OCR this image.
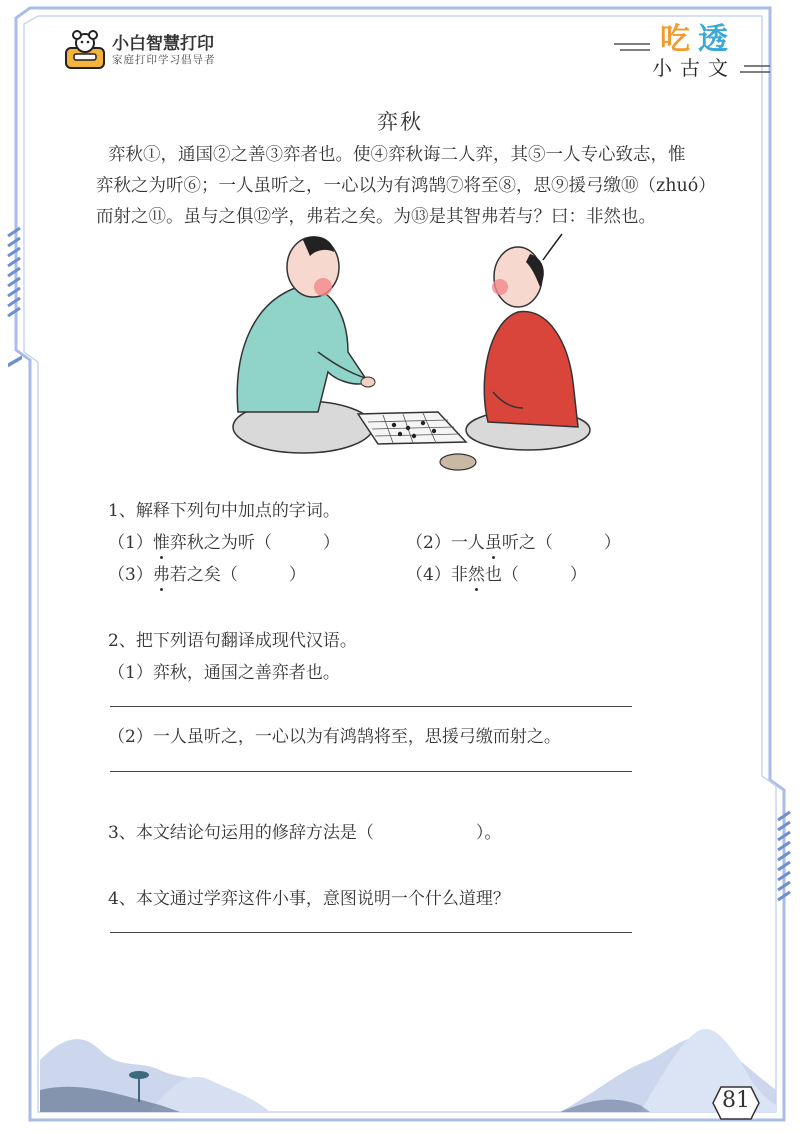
小白智慧打印
家庭打印学习倡导者
吃 透
小古文
弈秋

弈秋①，通国②之善③弈者也。使④弈秋诲二人弈，其⑤一人专心致志，惟

弈秋之为听⑥；一人虽听之，一心以为有鸿鹄⑦将至⑧，思⑨援弓缴⑩（zhuó）

而射之⑪。虽与之俱⑫学，弗若之矣。为⑬是其智弗若与？曰：非然也。

1、解释下列句中加点的字词。
（1）惟弈秋之为听（　　　）	（2）一人虽听之（　　　）
（3）弗若之矣（　　　）	（4）非然也（　　　）
2、把下列语句翻译成现代汉语。
（1）弈秋，通国之善弈者也。
（2）一人虽听之，一心以为有鸿鹄将至，思援弓缴而射之。
3、本文结论句运用的修辞方法是（　　　　　　）。
4、本文通过学弈这件小事，意图说明一个什么道理？
81
